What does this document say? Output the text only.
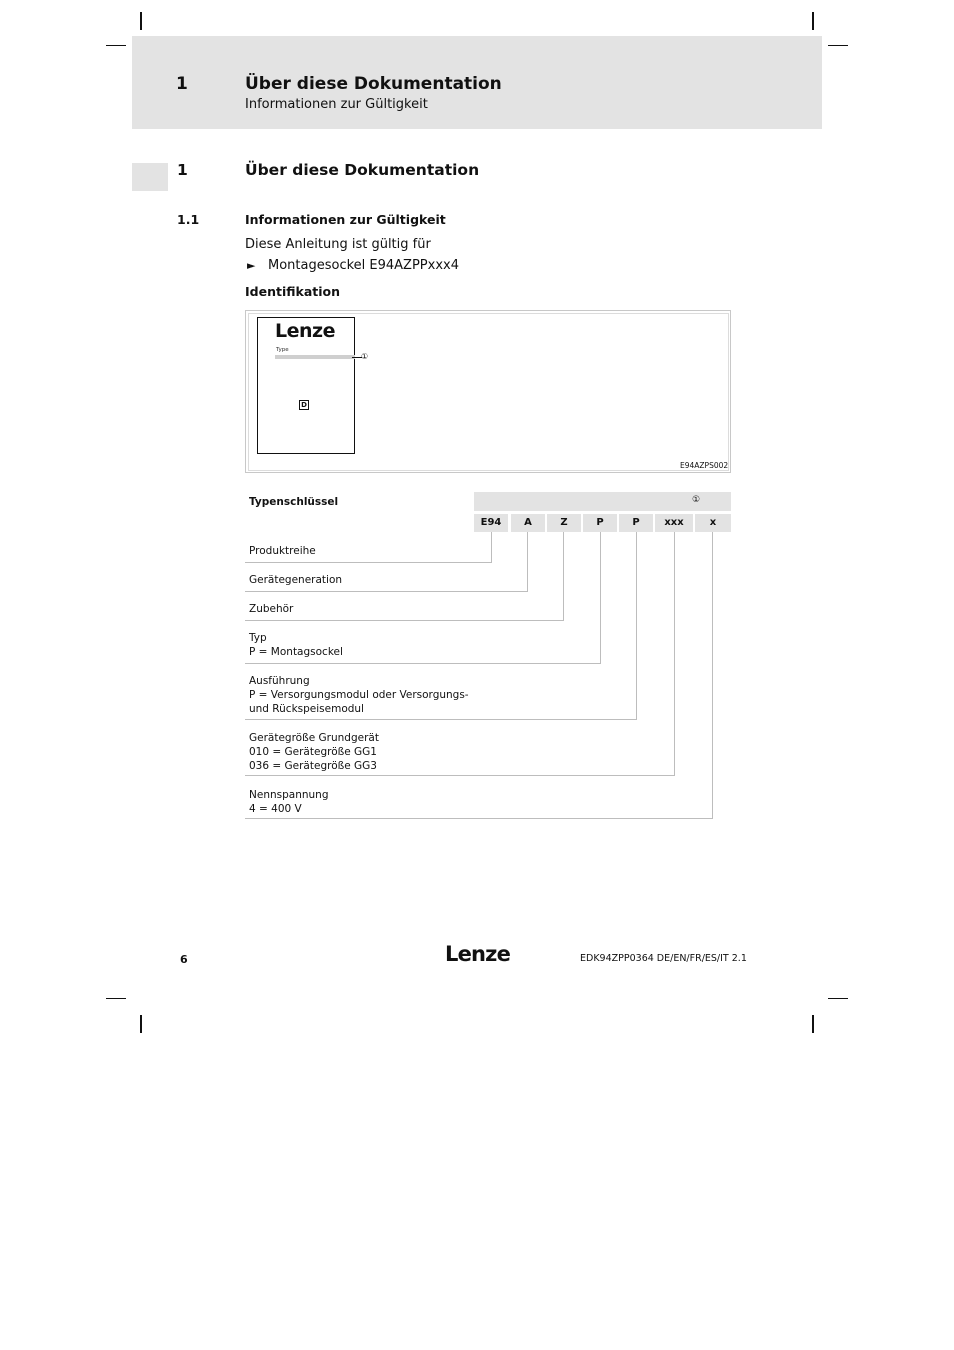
1	Über diese Dokumentation
Informationen zur Gültigkeit
1	Über diese Dokumentation
1.1	Informationen zur Gültigkeit
Diese Anleitung ist gültig für
► Montagesockel E94AZPPxxx4
Identifikation
Lenze
Type
①
D
E94AZPS002
Typenschlüssel	①
E94	A	Z	P	P	xxx	x
Produktreihe
Gerätegeneration
Zubehör
Typ
P = Montagsockel
Ausführung
P = Versorgungsmodul oder Versorgungs-
und Rückspeisemodul
Gerätegröße Grundgerät
010 = Gerätegröße GG1
036 = Gerätegröße GG3
Nennspannung
4 = 400 V
6	Lenze	EDK94ZPP0364 DE/EN/FR/ES/IT 2.1
